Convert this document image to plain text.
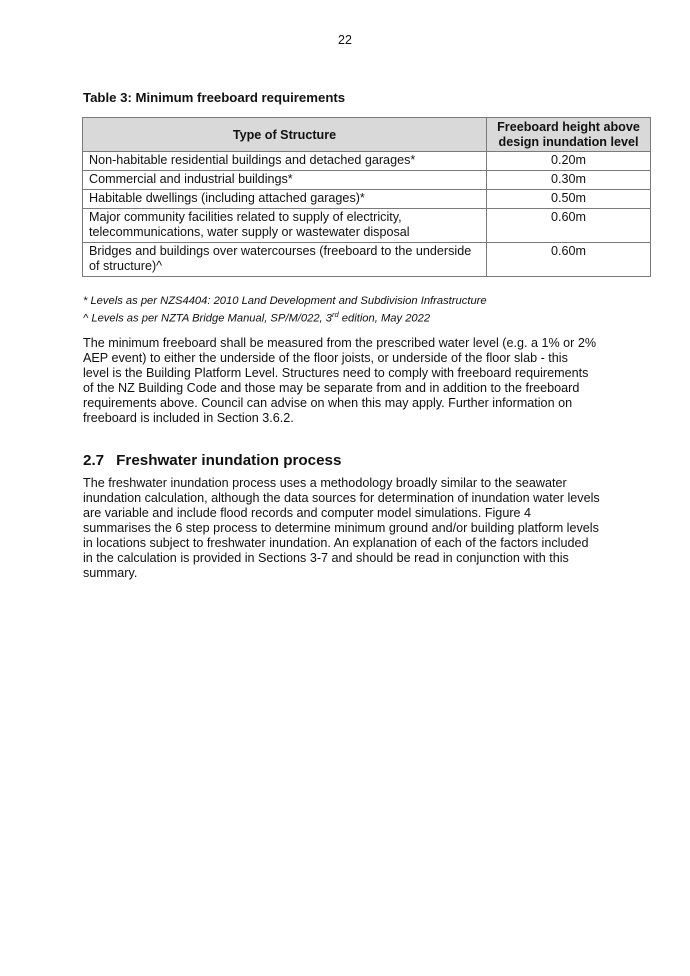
22
Table 3: Minimum freeboard requirements
Type of Structure	Freeboard height above
design inundation level
Non-habitable residential buildings and detached garages*	0.20m
Commercial and industrial buildings*	0.30m
Habitable dwellings (including attached garages)*	0.50m
Major community facilities related to supply of electricity,
telecommunications, water supply or wastewater disposal	0.60m
Bridges and buildings over watercourses (freeboard to the underside
of structure)^	0.60m
* Levels as per NZS4404: 2010 Land Development and Subdivision Infrastructure
^ Levels as per NZTA Bridge Manual, SP/M/022, 3rd edition, May 2022

The minimum freeboard shall be measured from the prescribed water level (e.g. a 1% or 2%
AEP event) to either the underside of the floor joists, or underside of the floor slab - this
level is the Building Platform Level. Structures need to comply with freeboard requirements
of the NZ Building Code and those may be separate from and in addition to the freeboard
requirements above. Council can advise on when this may apply. Further information on
freeboard is included in Section 3.6.2.

2.7 Freshwater inundation process

The freshwater inundation process uses a methodology broadly similar to the seawater
inundation calculation, although the data sources for determination of inundation water levels
are variable and include flood records and computer model simulations. Figure 4
summarises the 6 step process to determine minimum ground and/or building platform levels
in locations subject to freshwater inundation. An explanation of each of the factors included
in the calculation is provided in Sections 3-7 and should be read in conjunction with this
summary.
